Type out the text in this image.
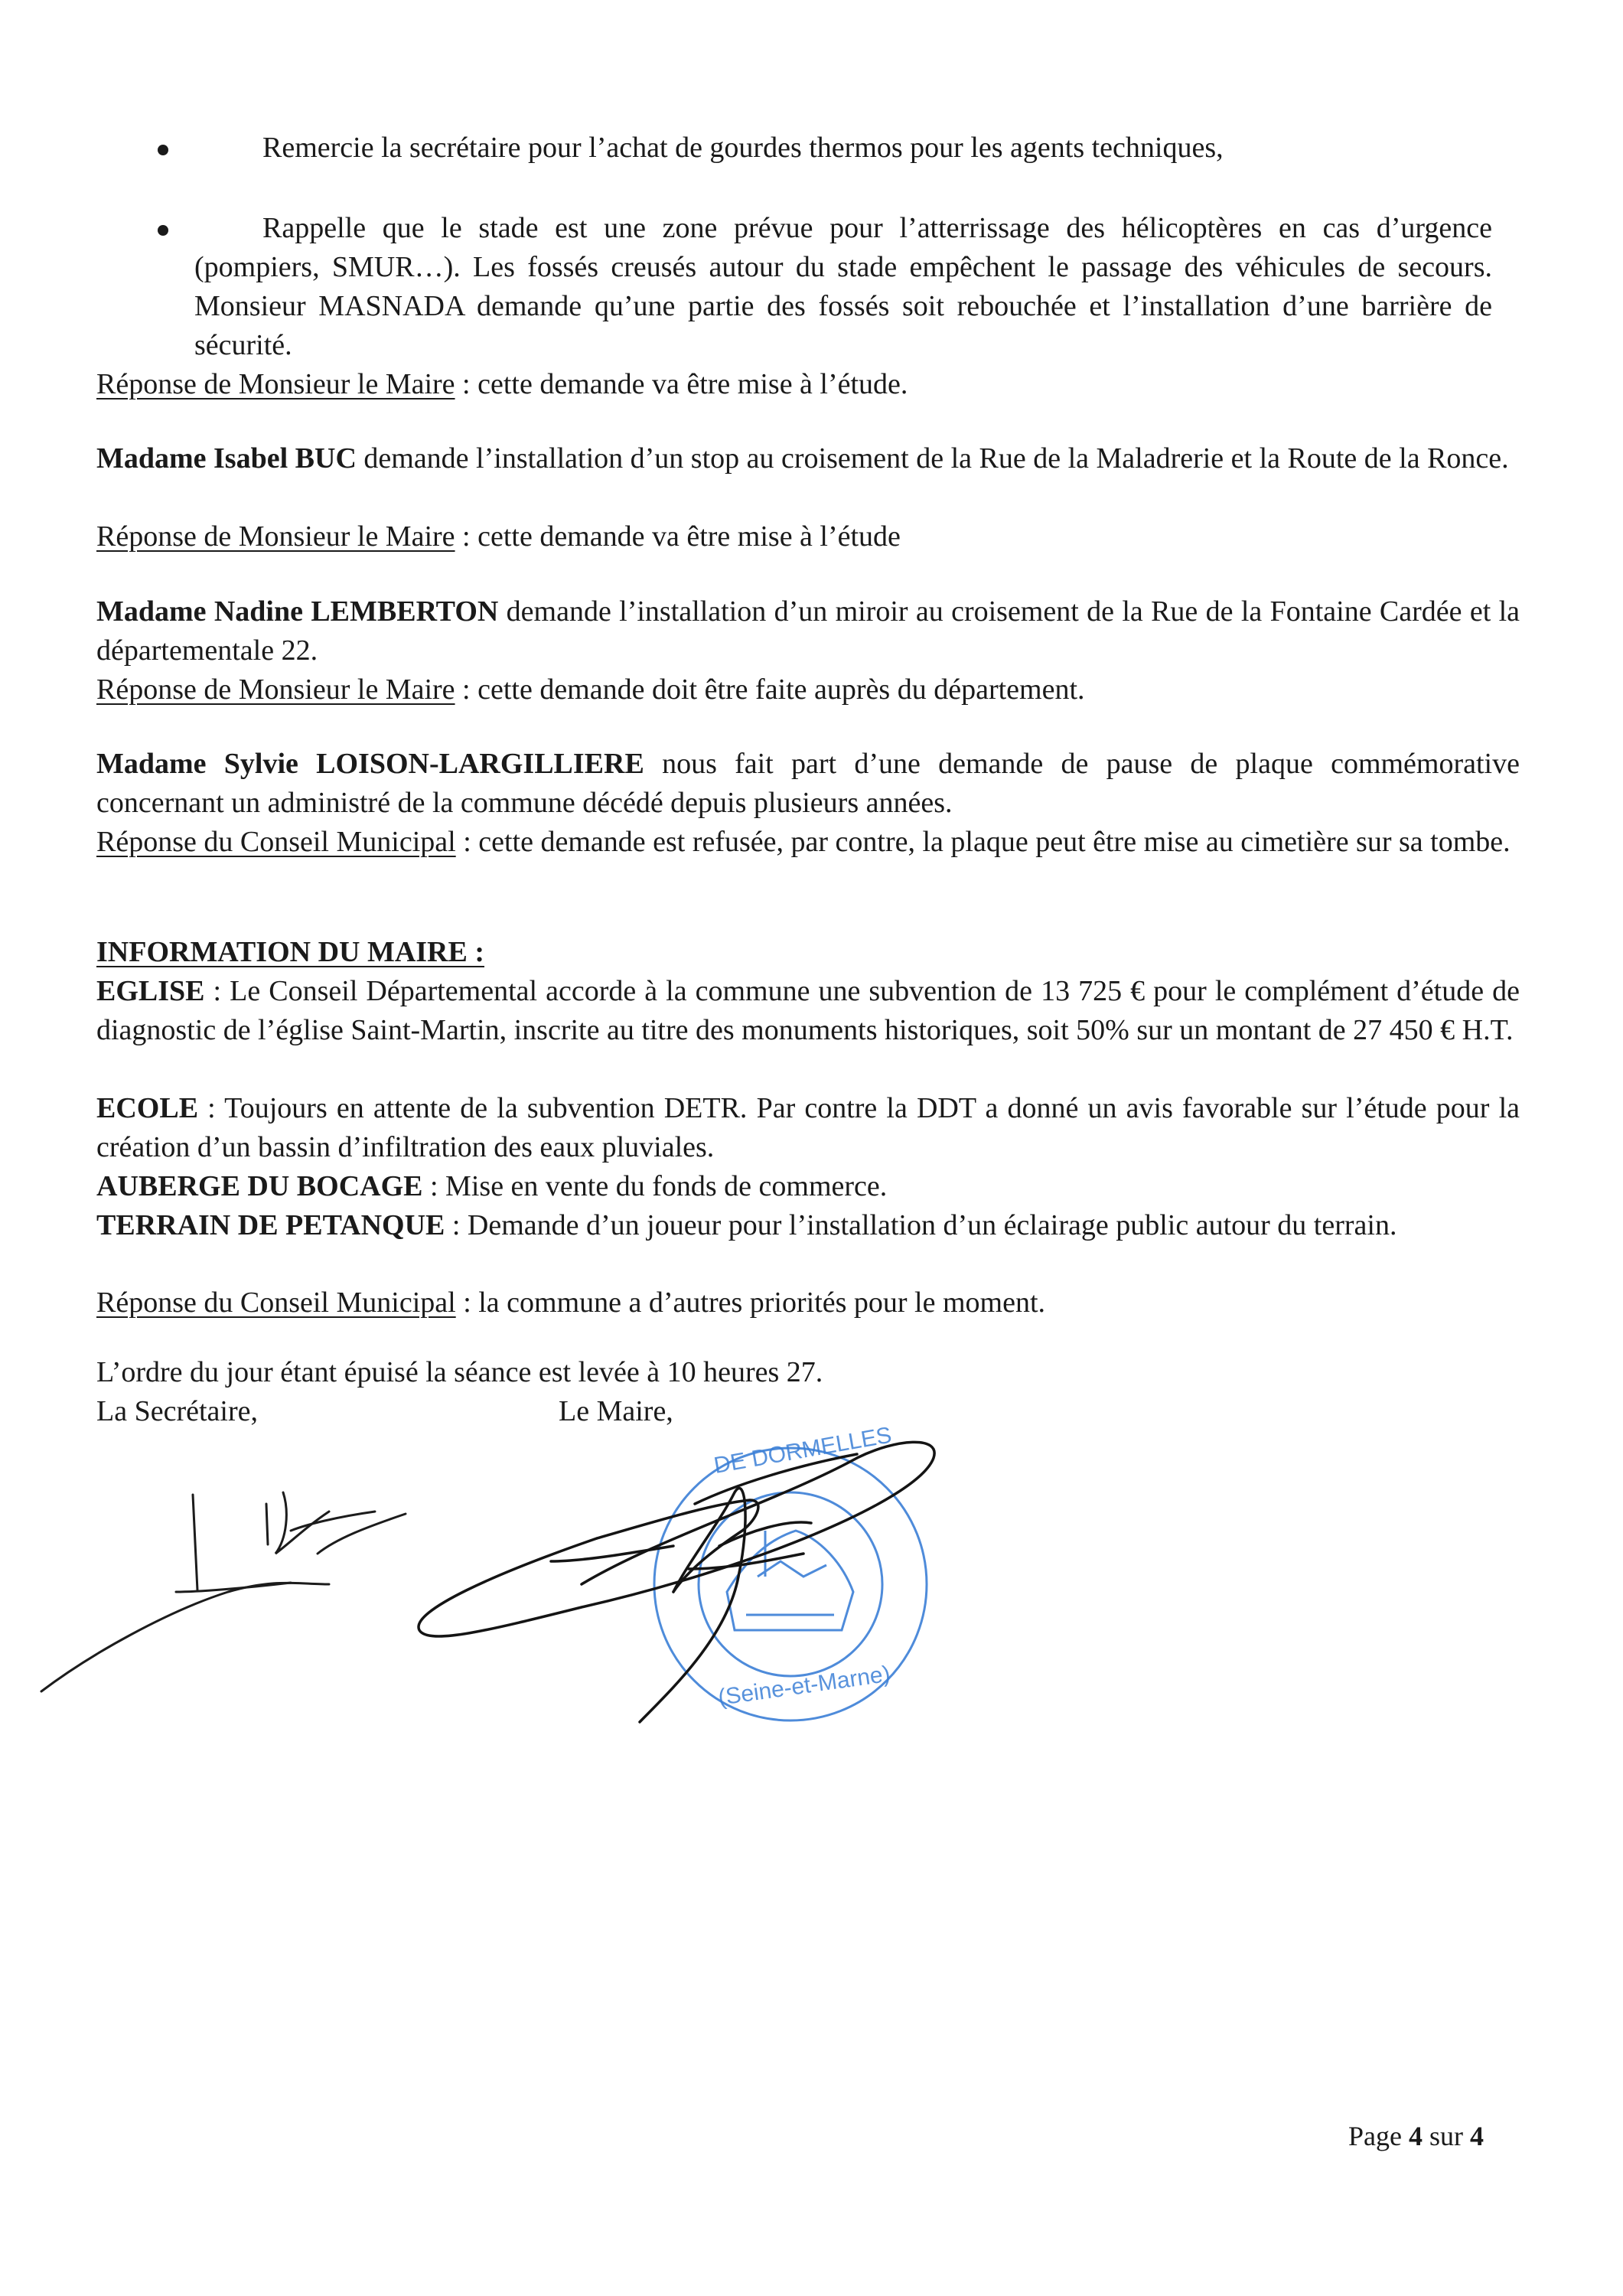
Remercie la secrétaire pour l’achat de gourdes thermos pour les agents techniques,
Rappelle que le stade est une zone prévue pour l’atterrissage des hélicoptères en cas d’urgence (pompiers, SMUR…). Les fossés creusés autour du stade empêchent le passage des véhicules de secours. Monsieur MASNADA demande qu’une partie des fossés soit rebouchée et l’installation d’une barrière de sécurité.
Réponse de Monsieur le Maire : cette demande va être mise à l’étude.
Madame Isabel BUC demande l’installation d’un stop au croisement de la Rue de la Maladrerie et la Route de la Ronce.
Réponse de Monsieur le Maire : cette demande va être mise à l’étude
Madame Nadine LEMBERTON demande l’installation d’un miroir au croisement de la Rue de la Fontaine Cardée et la départementale 22.
Réponse de Monsieur le Maire : cette demande doit être faite auprès du département.
Madame Sylvie LOISON-LARGILLIERE nous fait part d’une demande de pause de plaque commémorative concernant un administré de la commune décédé depuis plusieurs années.
Réponse du Conseil Municipal : cette demande est refusée, par contre, la plaque peut être mise au cimetière sur sa tombe.
INFORMATION DU MAIRE :
EGLISE : Le Conseil Départemental accorde à la commune une subvention de 13 725 € pour le complément d’étude de diagnostic de l’église Saint-Martin, inscrite au titre des monuments historiques, soit 50% sur un montant de 27 450 € H.T.
ECOLE : Toujours en attente de la subvention DETR. Par contre la DDT a donné un avis favorable sur l’étude pour la création d’un bassin d’infiltration des eaux pluviales.
AUBERGE DU BOCAGE : Mise en vente du fonds de commerce.
TERRAIN DE PETANQUE : Demande d’un joueur pour l’installation d’un éclairage public autour du terrain.
Réponse du Conseil Municipal : la commune a d’autres priorités pour le moment.
L’ordre du jour étant épuisé la séance est levée à 10 heures 27.
La Secrétaire,	Le Maire,
DE DORMELLES
(Seine-et-Marne)
Page 4 sur 4
